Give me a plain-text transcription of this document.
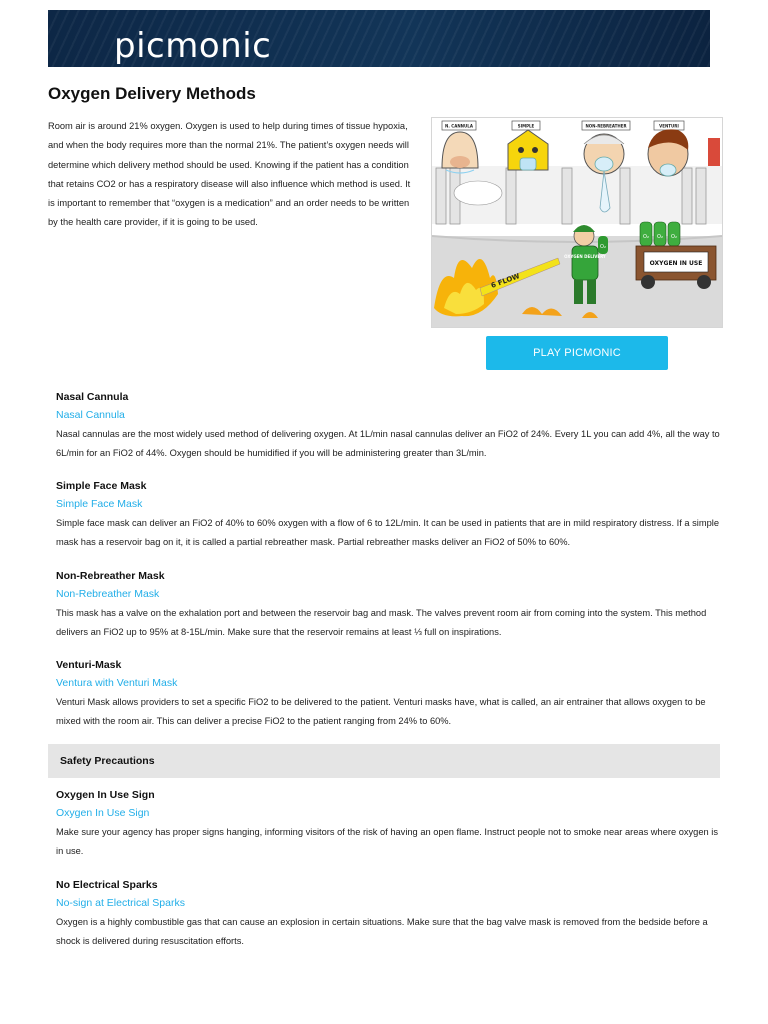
picmonic
Oxygen Delivery Methods

Room air is around 21% oxygen. Oxygen is used to help during times of tissue hypoxia, and when the body requires more than the normal 21%. The patient’s oxygen needs will determine which delivery method should be used. Knowing if the patient has a condition that retains CO2 or has a respiratory disease will also influence which method is used. It is important to remember that “oxygen is a medication” and an order needs to be written by the health care provider, if it is going to be used.

N. CANNULA	SIMPLE	NON-REBREATHER	VENTURI
6 FLOW
OXYGEN DELIVERY
O₂
O₂ O₂ O₂
OXYGEN IN USE
PLAY PICMONIC
Nasal Cannula
Nasal Cannula

Nasal cannulas are the most widely used method of delivering oxygen. At 1L/min nasal cannulas deliver an FiO2 of 24%. Every 1L you can add 4%, all the way to 6L/min for an FiO2 of 44%. Oxygen should be humidified if you will be administering greater than 3L/min.

Simple Face Mask
Simple Face Mask

Simple face mask can deliver an FiO2 of 40% to 60% oxygen with a flow of 6 to 12L/min. It can be used in patients that are in mild respiratory distress. If a simple mask has a reservoir bag on it, it is called a partial rebreather mask. Partial rebreather masks deliver an FiO2 of 50% to 60%.

Non-Rebreather Mask
Non-Rebreather Mask

This mask has a valve on the exhalation port and between the reservoir bag and mask. The valves prevent room air from coming into the system. This method delivers an FiO2 up to 95% at 8-15L/min. Make sure that the reservoir remains at least ⅓ full on inspirations.

Venturi-Mask
Ventura with Venturi Mask

Venturi Mask allows providers to set a specific FiO2 to be delivered to the patient. Venturi masks have, what is called, an air entrainer that allows oxygen to be mixed with the room air. This can deliver a precise FiO2 to the patient ranging from 24% to 60%.

Safety Precautions
Oxygen In Use Sign
Oxygen In Use Sign

Make sure your agency has proper signs hanging, informing visitors of the risk of having an open flame. Instruct people not to smoke near areas where oxygen is in use.

No Electrical Sparks
No-sign at Electrical Sparks

Oxygen is a highly combustible gas that can cause an explosion in certain situations. Make sure that the bag valve mask is removed from the bedside before a shock is delivered during resuscitation efforts.
